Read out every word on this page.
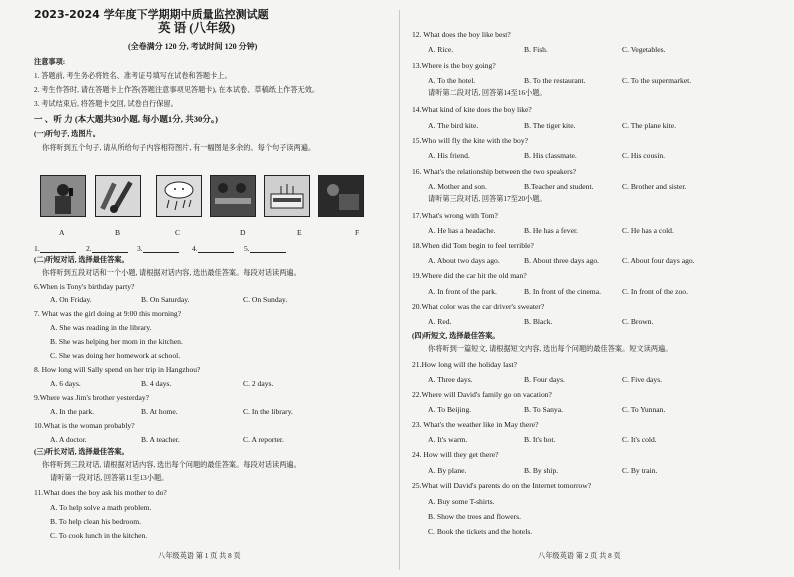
2023-2024 学年度下学期期中质量监控测试题
英 语 (八年级)
(全卷满分 120 分, 考试时间 120 分钟)
注意事项:
1. 答题前, 考生务必将姓名、准考证号填写在试卷和答题卡上。
2. 考生作答时, 请在答题卡上作答(答题注意事项见答题卡), 在本试卷、草稿纸上作答无效。
3. 考试结束后, 将答题卡交回, 试卷自行保留。
一 、听 力 (本大题共30小题, 每小题1分, 共30分。)
(一)听句子, 选图片。
你将听到五个句子, 请从所给句子内容相符图片, 有一幅图是多余的。每个句子读两遍。
A	B	C	D	E	F
1.	2.	3.	4.	5.
(二)听短对话, 选择最佳答案。
你将听到五段对话和一个小题, 请根据对话内容, 选出最佳答案。每段对话读两遍。
6.When is Tony's birthday party?
A. On Friday.	B. On Saturday.	C. On Sunday.
7. What was the girl doing at 9:00 this morning?
A. She was reading in the library.
B. She was helping her mom in the kitchen.
C. She was doing her homework at school.
8. How long will Sally spend on her trip in Hangzhou?
A. 6 days.	B. 4 days.	C. 2 days.
9.Where was Jim's brother yesterday?
A. In the park.	B. At home.	C. In the library.
10.What is the woman probably?
A. A doctor.	B. A teacher.	C. A reporter.
(三)听长对话, 选择最佳答案。
你将听到三段对话, 请根据对话内容, 选出每个问题的最佳答案。每段对话读两遍。
请听第一段对话, 回答第11至13小题。
11.What does the boy ask his mother to do?
A. To help solve a math problem.
B. To help clean his bedroom.
C. To cook lunch in the kitchen.
八年级英语 第 1 页 共 8 页
12. What does the boy like best?
A. Rice.	B. Fish.	C. Vegetables.
13.Where is the boy going?
A. To the hotel.	B. To the restaurant.	C. To the supermarket.
请听第二段对话, 回答第14至16小题。
14.What kind of kite does the boy like?
A. The bird kite.	B. The tiger kite.	C. The plane kite.
15.Who will fly the kite with the boy?
A. His friend.	B. His classmate.	C. His cousin.
16. What's the relationship between the two speakers?
A. Mother and son.	B.Teacher and student.	C. Brother and sister.
请听第三段对话, 回答第17至20小题。
17.What's wrong with Tom?
A. He has a headache.	B. He has a fever.	C. He has a cold.
18.When did Tom begin to feel terrible?
A. About two days ago.	B. About three days ago.	C. About four days ago.
19.Where did the car hit the old man?
A. In front of the park.	B. In front of the cinema.	C. In front of the zoo.
20.What color was the car driver's sweater?
A. Red.	B. Black.	C. Brown.
(四)听短文, 选择最佳答案。
你将听到一篇短文, 请根据短文内容, 选出每个问题的最佳答案。短文读两遍。
21.How long will the holiday last?
A. Three days.	B. Four days.	C. Five days.
22.Where will David's family go on vacation?
A. To Beijing.	B. To Sanya.	C. To Yunnan.
23. What's the weather like in May there?
A. It's warm.	B. It's hot.	C. It's cold.
24. How will they get there?
A. By plane.	B. By ship.	C. By train.
25.What will David's parents do on the Internet tomorrow?
A. Buy some T-shirts.
B. Show the trees and flowers.
C. Book the tickets and the hotels.
八年级英语 第 2 页 共 8 页
